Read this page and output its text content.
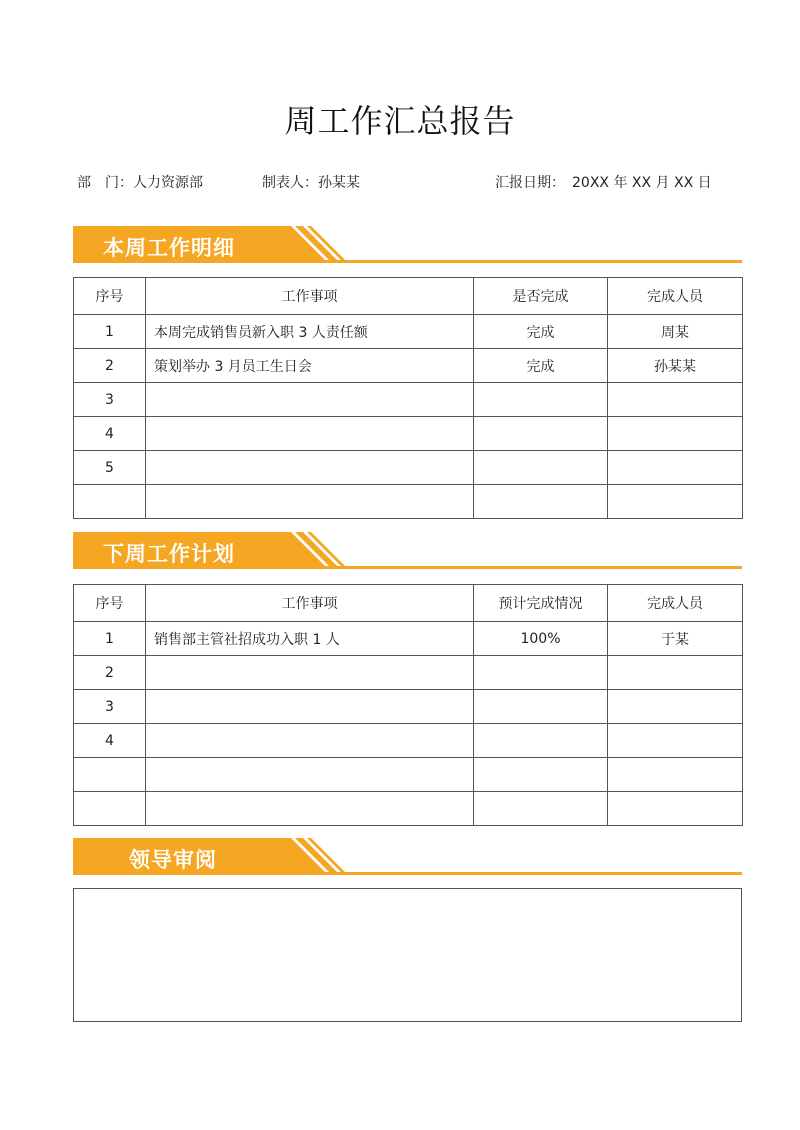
周工作汇总报告
部　门：人力资源部	制表人：孙某某	汇报日期：　20XX 年 XX 月 XX 日
本周工作明细
序号	工作事项	是否完成	完成人员
1	本周完成销售员新入职 3 人责任额	完成	周某
2	策划举办 3 月员工生日会	完成	孙某某
3			
4			
5			

下周工作计划
序号	工作事项	预计完成情况	完成人员
1	销售部主管社招成功入职 1 人	100%	于某
2			
3			
4			

领导审阅
